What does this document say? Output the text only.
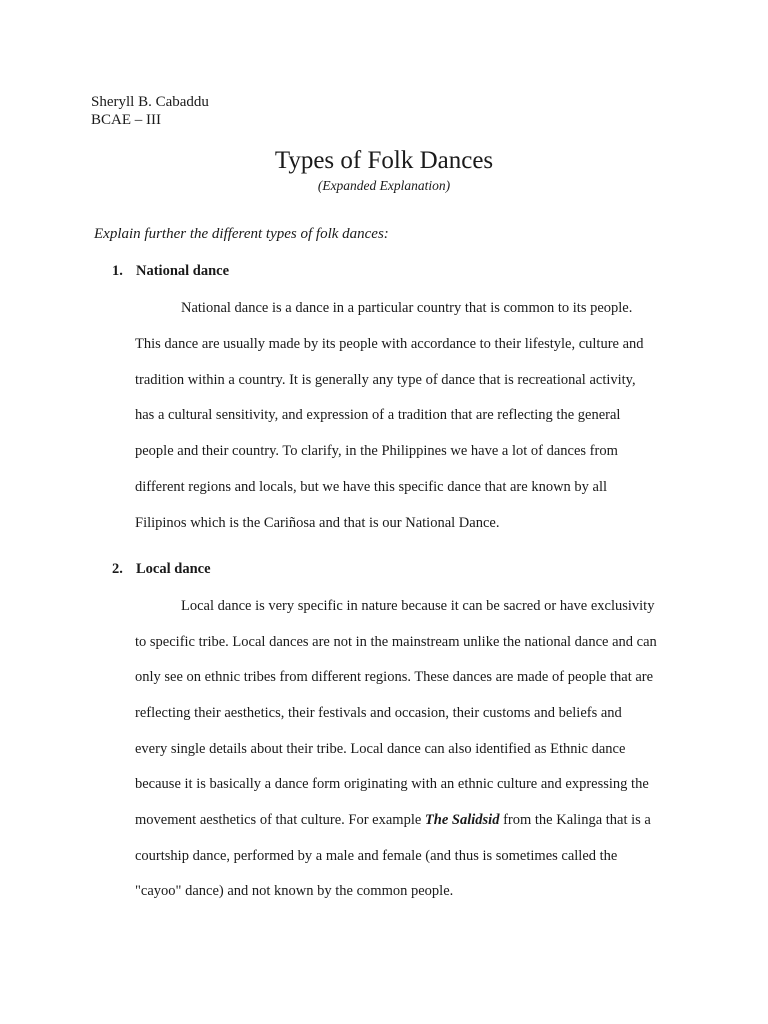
Sheryll B. Cabaddu
BCAE – III
Types of Folk Dances
(Expanded Explanation)
Explain further the different types of folk dances:
1. National dance
National dance is a dance in a particular country that is common to its people.
This dance are usually made by its people with accordance to their lifestyle, culture and
tradition within a country. It is generally any type of dance that is recreational activity,
has a cultural sensitivity, and expression of a tradition that are reflecting the general
people and their country. To clarify, in the Philippines we have a lot of dances from
different regions and locals, but we have this specific dance that are known by all
Filipinos which is the Cariñosa and that is our National Dance.
2. Local dance
Local dance is very specific in nature because it can be sacred or have exclusivity
to specific tribe. Local dances are not in the mainstream unlike the national dance and can
only see on ethnic tribes from different regions. These dances are made of people that are
reflecting their aesthetics, their festivals and occasion, their customs and beliefs and
every single details about their tribe. Local dance can also identified as Ethnic dance
because it is basically a dance form originating with an ethnic culture and expressing the
movement aesthetics of that culture. For example The Salidsid from the Kalinga that is a
courtship dance, performed by a male and female (and thus is sometimes called the
"cayoo" dance) and not known by the common people.
